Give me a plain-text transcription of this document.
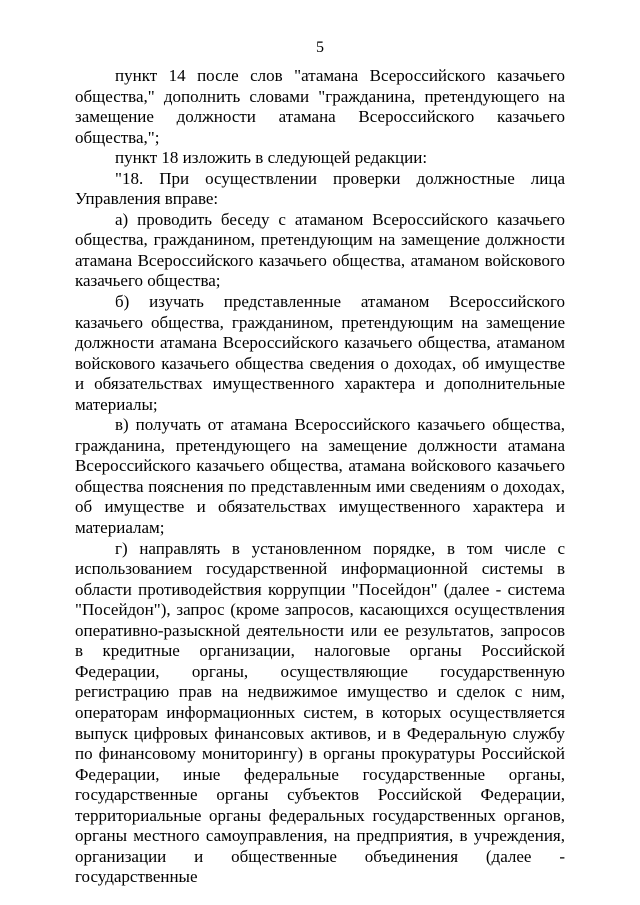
5

пункт 14 после слов "атамана Всероссийского казачьего общества," дополнить словами "гражданина, претендующего на замещение должности атамана Всероссийского казачьего общества,";

пункт 18 изложить в следующей редакции:

"18. При осуществлении проверки должностные лица Управления вправе:

а) проводить беседу с атаманом Всероссийского казачьего общества, гражданином, претендующим на замещение должности атамана Всероссийского казачьего общества, атаманом войскового казачьего общества;

б) изучать представленные атаманом Всероссийского казачьего общества, гражданином, претендующим на замещение должности атамана Всероссийского казачьего общества, атаманом войскового казачьего общества сведения о доходах, об имуществе и обязательствах имущественного характера и дополнительные материалы;

в) получать от атамана Всероссийского казачьего общества, гражданина, претендующего на замещение должности атамана Всероссийского казачьего общества, атамана войскового казачьего общества пояснения по представленным ими сведениям о доходах, об имуществе и обязательствах имущественного характера и материалам;

г) направлять в установленном порядке, в том числе с использованием государственной информационной системы в области противодействия коррупции "Посейдон" (далее - система "Посейдон"), запрос (кроме запросов, касающихся осуществления оперативно-разыскной деятельности или ее результатов, запросов в кредитные организации, налоговые органы Российской Федерации, органы, осуществляющие государственную регистрацию прав на недвижимое имущество и сделок с ним, операторам информационных систем, в которых осуществляется выпуск цифровых финансовых активов, и в Федеральную службу по финансовому мониторингу) в органы прокуратуры Российской Федерации, иные федеральные государственные органы, государственные органы субъектов Российской Федерации, территориальные органы федеральных государственных органов, органы местного самоуправления, на предприятия, в учреждения, организации и общественные объединения (далее - государственные
